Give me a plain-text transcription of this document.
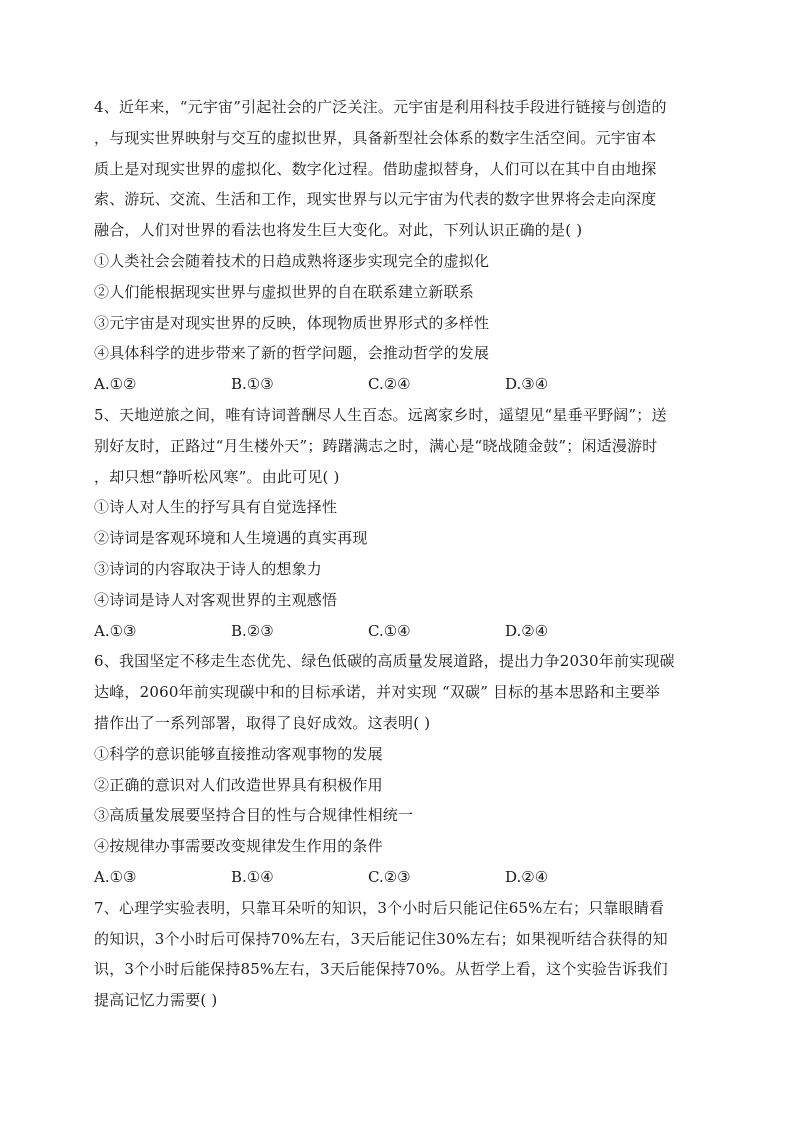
4、近年来，“元宇宙”引起社会的广泛关注。元宇宙是利用科技手段进行链接与创造的
，与现实世界映射与交互的虚拟世界，具备新型社会体系的数字生活空间。元宇宙本
质上是对现实世界的虚拟化、数字化过程。借助虚拟替身，人们可以在其中自由地探
索、游玩、交流、生活和工作，现实世界与以元宇宙为代表的数字世界将会走向深度
融合，人们对世界的看法也将发生巨大变化。对此，下列认识正确的是( )
①人类社会会随着技术的日趋成熟将逐步实现完全的虚拟化
②人们能根据现实世界与虚拟世界的自在联系建立新联系
③元宇宙是对现实世界的反映，体现物质世界形式的多样性
④具体科学的进步带来了新的哲学问题，会推动哲学的发展
A.①②	B.①③	C.②④	D.③④
5、天地逆旅之间，唯有诗词普酬尽人生百态。远离家乡时，遥望见“星垂平野阔”；送
别好友时，正路过“月生楼外天”；踌躇满志之时，满心是“晓战随金鼓”；闲适漫游时
，却只想“静听松风寒”。由此可见( )
①诗人对人生的抒写具有自觉选择性
②诗词是客观环境和人生境遇的真实再现
③诗词的内容取决于诗人的想象力
④诗词是诗人对客观世界的主观感悟
A.①③	B.②③	C.①④	D.②④
6、我国坚定不移走生态优先、绿色低碳的高质量发展道路，提出力争2030年前实现碳
达峰，2060年前实现碳中和的目标承诺，并对实现 “双碳” 目标的基本思路和主要举
措作出了一系列部署，取得了良好成效。这表明( )
①科学的意识能够直接推动客观事物的发展
②正确的意识对人们改造世界具有积极作用
③高质量发展要坚持合目的性与合规律性相统一
④按规律办事需要改变规律发生作用的条件
A.①③	B.①④	C.②③	D.②④
7、心理学实验表明，只靠耳朵听的知识，3个小时后只能记住65%左右；只靠眼睛看
的知识，3个小时后可保持70%左右，3天后能记住30%左右；如果视听结合获得的知
识，3个小时后能保持85%左右，3天后能保持70%。从哲学上看，这个实验告诉我们
提高记忆力需要( )
